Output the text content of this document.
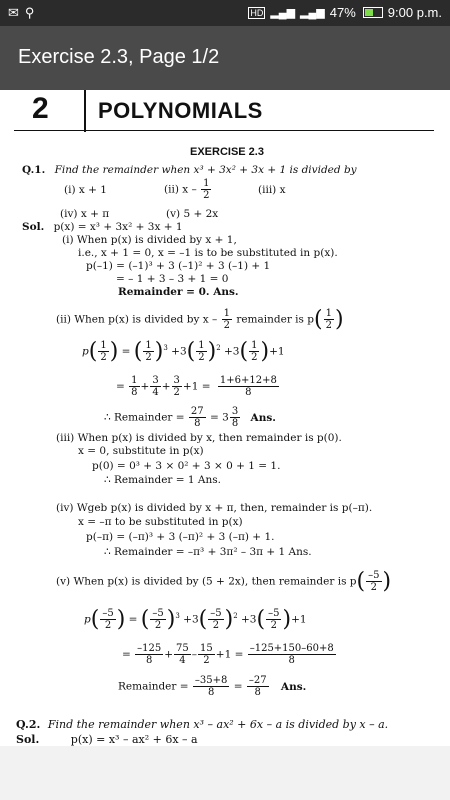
✉ ⚲	HD ▂▄▆ ▂▄▆ 47% 9:00 p.m.
Exercise 2.3, Page 1/2
2 POLYNOMIALS
EXERCISE 2.3
Q.1. Find the remainder when x³ + 3x² + 3x + 1 is divided by
(i) x + 1	(ii) x – $\frac{1}{2}$	(iii) x
(iv) x + π	(v) 5 + 2x
Sol. p(x) = x³ + 3x² + 3x + 1
(i) When p(x) is divided by x + 1,
i.e., x + 1 = 0, x = –1 is to be substituted in p(x).
p(–1) = (–1)³ + 3 (–1)² + 3 (–1) + 1
= – 1 + 3 – 3 + 1 = 0
Remainder = 0. Ans.
(ii) When p(x) is divided by x – $\frac{1}{2}$ remainder is $p( \frac{1}{2}$ )
$p( \frac{1}{2}$ ) = ( $\frac{1}{2} )^3 +3( \frac{1}{2} )^2 +3( \frac{1}{2} )+1$
= $\frac{1}{8} + \frac{3}{4} + \frac{3}{2} +1 = \frac{1+6+12+8}{8}$
∴ Remainder = $\frac{27}{8} = 3 \frac{3}{8}$ Ans.
(iii) When p(x) is divided by x, then remainder is p(0).
x = 0, substitute in p(x)
p(0) = 0³ + 3 × 0² + 3 × 0 + 1 = 1.
∴ Remainder = 1 Ans.
(iv) Wgeb p(x) is divided by x + π, then, remainder is p(–π).
x = –π to be substituted in p(x)
p(–π) = (–π)³ + 3 (–π)² + 3 (–π) + 1.
∴ Remainder = –π³ + 3π² – 3π + 1 Ans.
(v) When p(x) is divided by (5 + 2x), then remainder is $p( \frac{-5}{2}$ )
$p( \frac{-5}{2}$ ) = ( $\frac{-5}{2} )^3 +3( \frac{-5}{2} )^2 +3( \frac{-5}{2} )+1$
= $\frac{-125}{8} + \frac{75}{4} - \frac{15}{2} +1 = \frac{-125+150-60+8}{8}$
Remainder = $\frac{-35+8}{8} = \frac{-27}{8}$ Ans.
Q.2. Find the remainder when x³ – ax² + 6x – a is divided by x – a.
Sol.	p(x) = x³ – ax² + 6x – a
